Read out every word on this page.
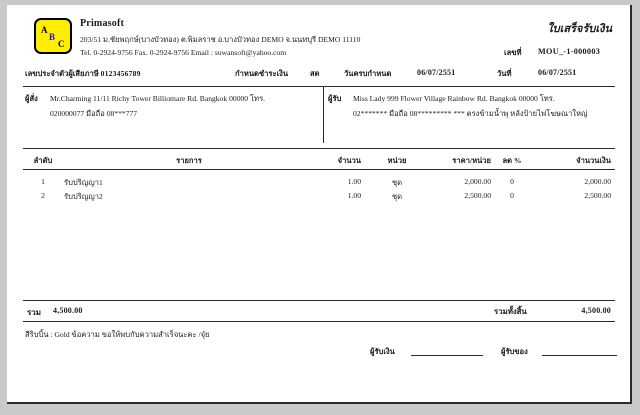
A
B
C
Primasoft
203/51 ม.ชัยพฤกษ์(บางบัวทอง) ต.พิมลราช อ.บางบัวทอง DEMO จ.นนทบุรี DEMO 11110
Tel. 0-2924-9756 Fax. 0-2924-9756 Email : suwansoft@yahoo.com
ใบเสร็จรับเงิน
เลขที่ MOU_-1-000003
เลขประจำตัวผู้เสียภาษี 0123456789	กำหนดชำระเงิน	สด	วันครบกำหนด	06/07/2551	วันที่	06/07/2551
ผู้สั่ง Mr.Charming 11/11 Richy Tower Billiomare Rd. Bangkok 00000 โทร.
020000077 มือถือ 08***777
ผู้รับ Miss Lady 999 Flower Village Rainbow Rd. Bangkok 00000 โทร.
02******* มือถือ 08********* *** ตรงข้ามน้ำพุ หลังป้ายไฟโฆษณาใหญ่
ลำดับ	รายการ	จำนวน	หน่วย	ราคา/หน่วย	ลด %	จำนวนเงิน
1	รับปริญญา1	1.00	ชุด	2,000.00	0	2,000.00
2	รับปริญญา2	1.00	ชุด	2,500.00	0	2,500.00
รวม 4,500.00	รวมทั้งสิ้น	4,500.00
สีริบบิ้น : Gold ข้อความ ขอให้พบกับความสำเร็จนะคะ /จุ๋ย
ผู้รับเงิน	ผู้รับของ
